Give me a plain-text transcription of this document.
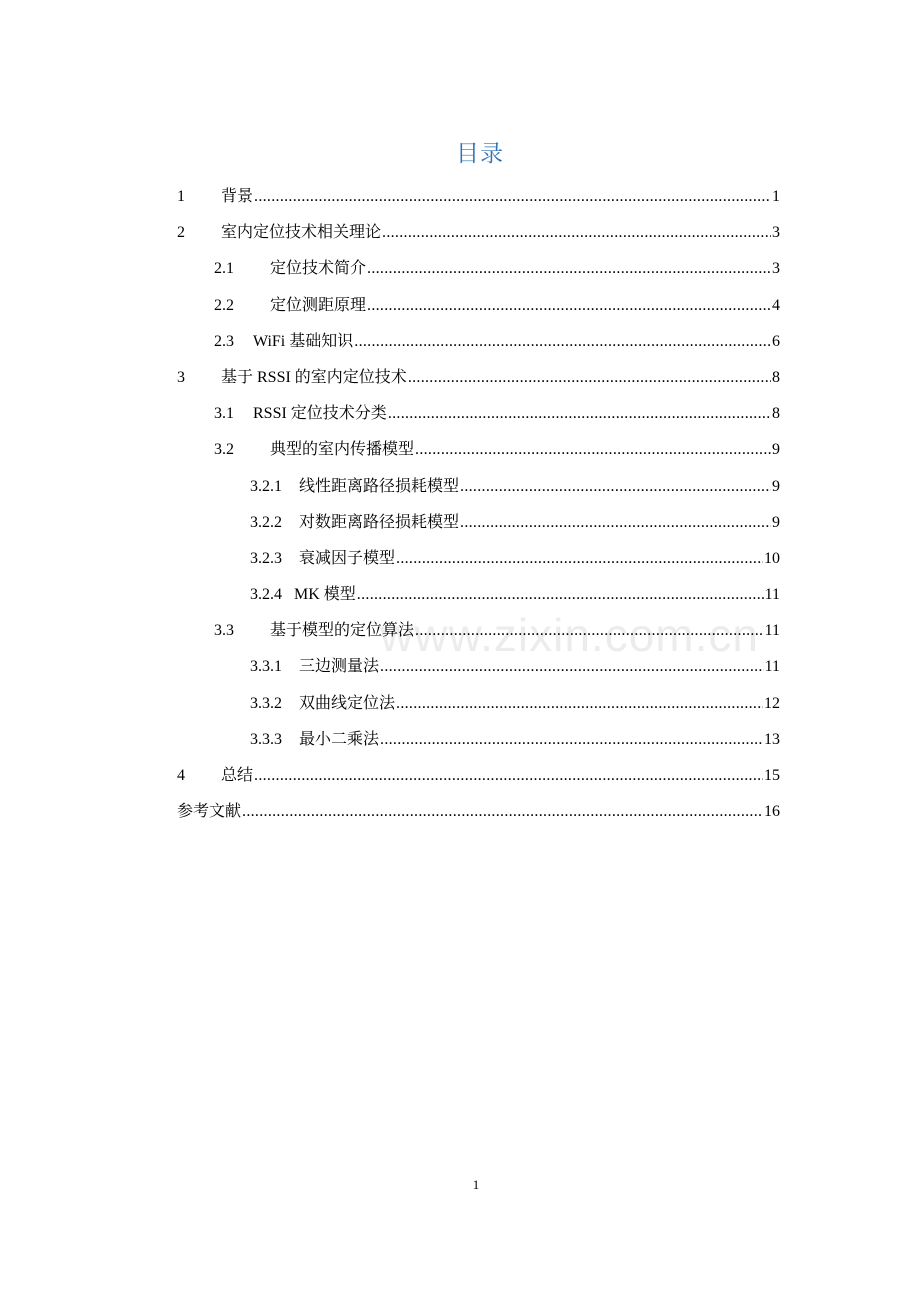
目录
www.zixin.com.cn
1	背景 .....	1
2	室内定位技术相关理论 .....	3
2.1	定位技术简介 .....	3
2.2	定位测距原理 .....	4
2.3	WiFi 基础知识 .....	6
3	基于 RSSI 的室内定位技术 .....	8
3.1	RSSI 定位技术分类 .....	8
3.2	典型的室内传播模型 .....	9
3.2.1	线性距离路径损耗模型 .....	9
3.2.2	对数距离路径损耗模型 .....	9
3.2.3	衰减因子模型 .....	10
3.2.4 MK 模型 .....	11
3.3	基于模型的定位算法 .....	11
3.3.1	三边测量法 .....	11
3.3.2	双曲线定位法 .....	12
3.3.3	最小二乘法 .....	13
4	总结 .....	15
参考文献 .....	16
1
